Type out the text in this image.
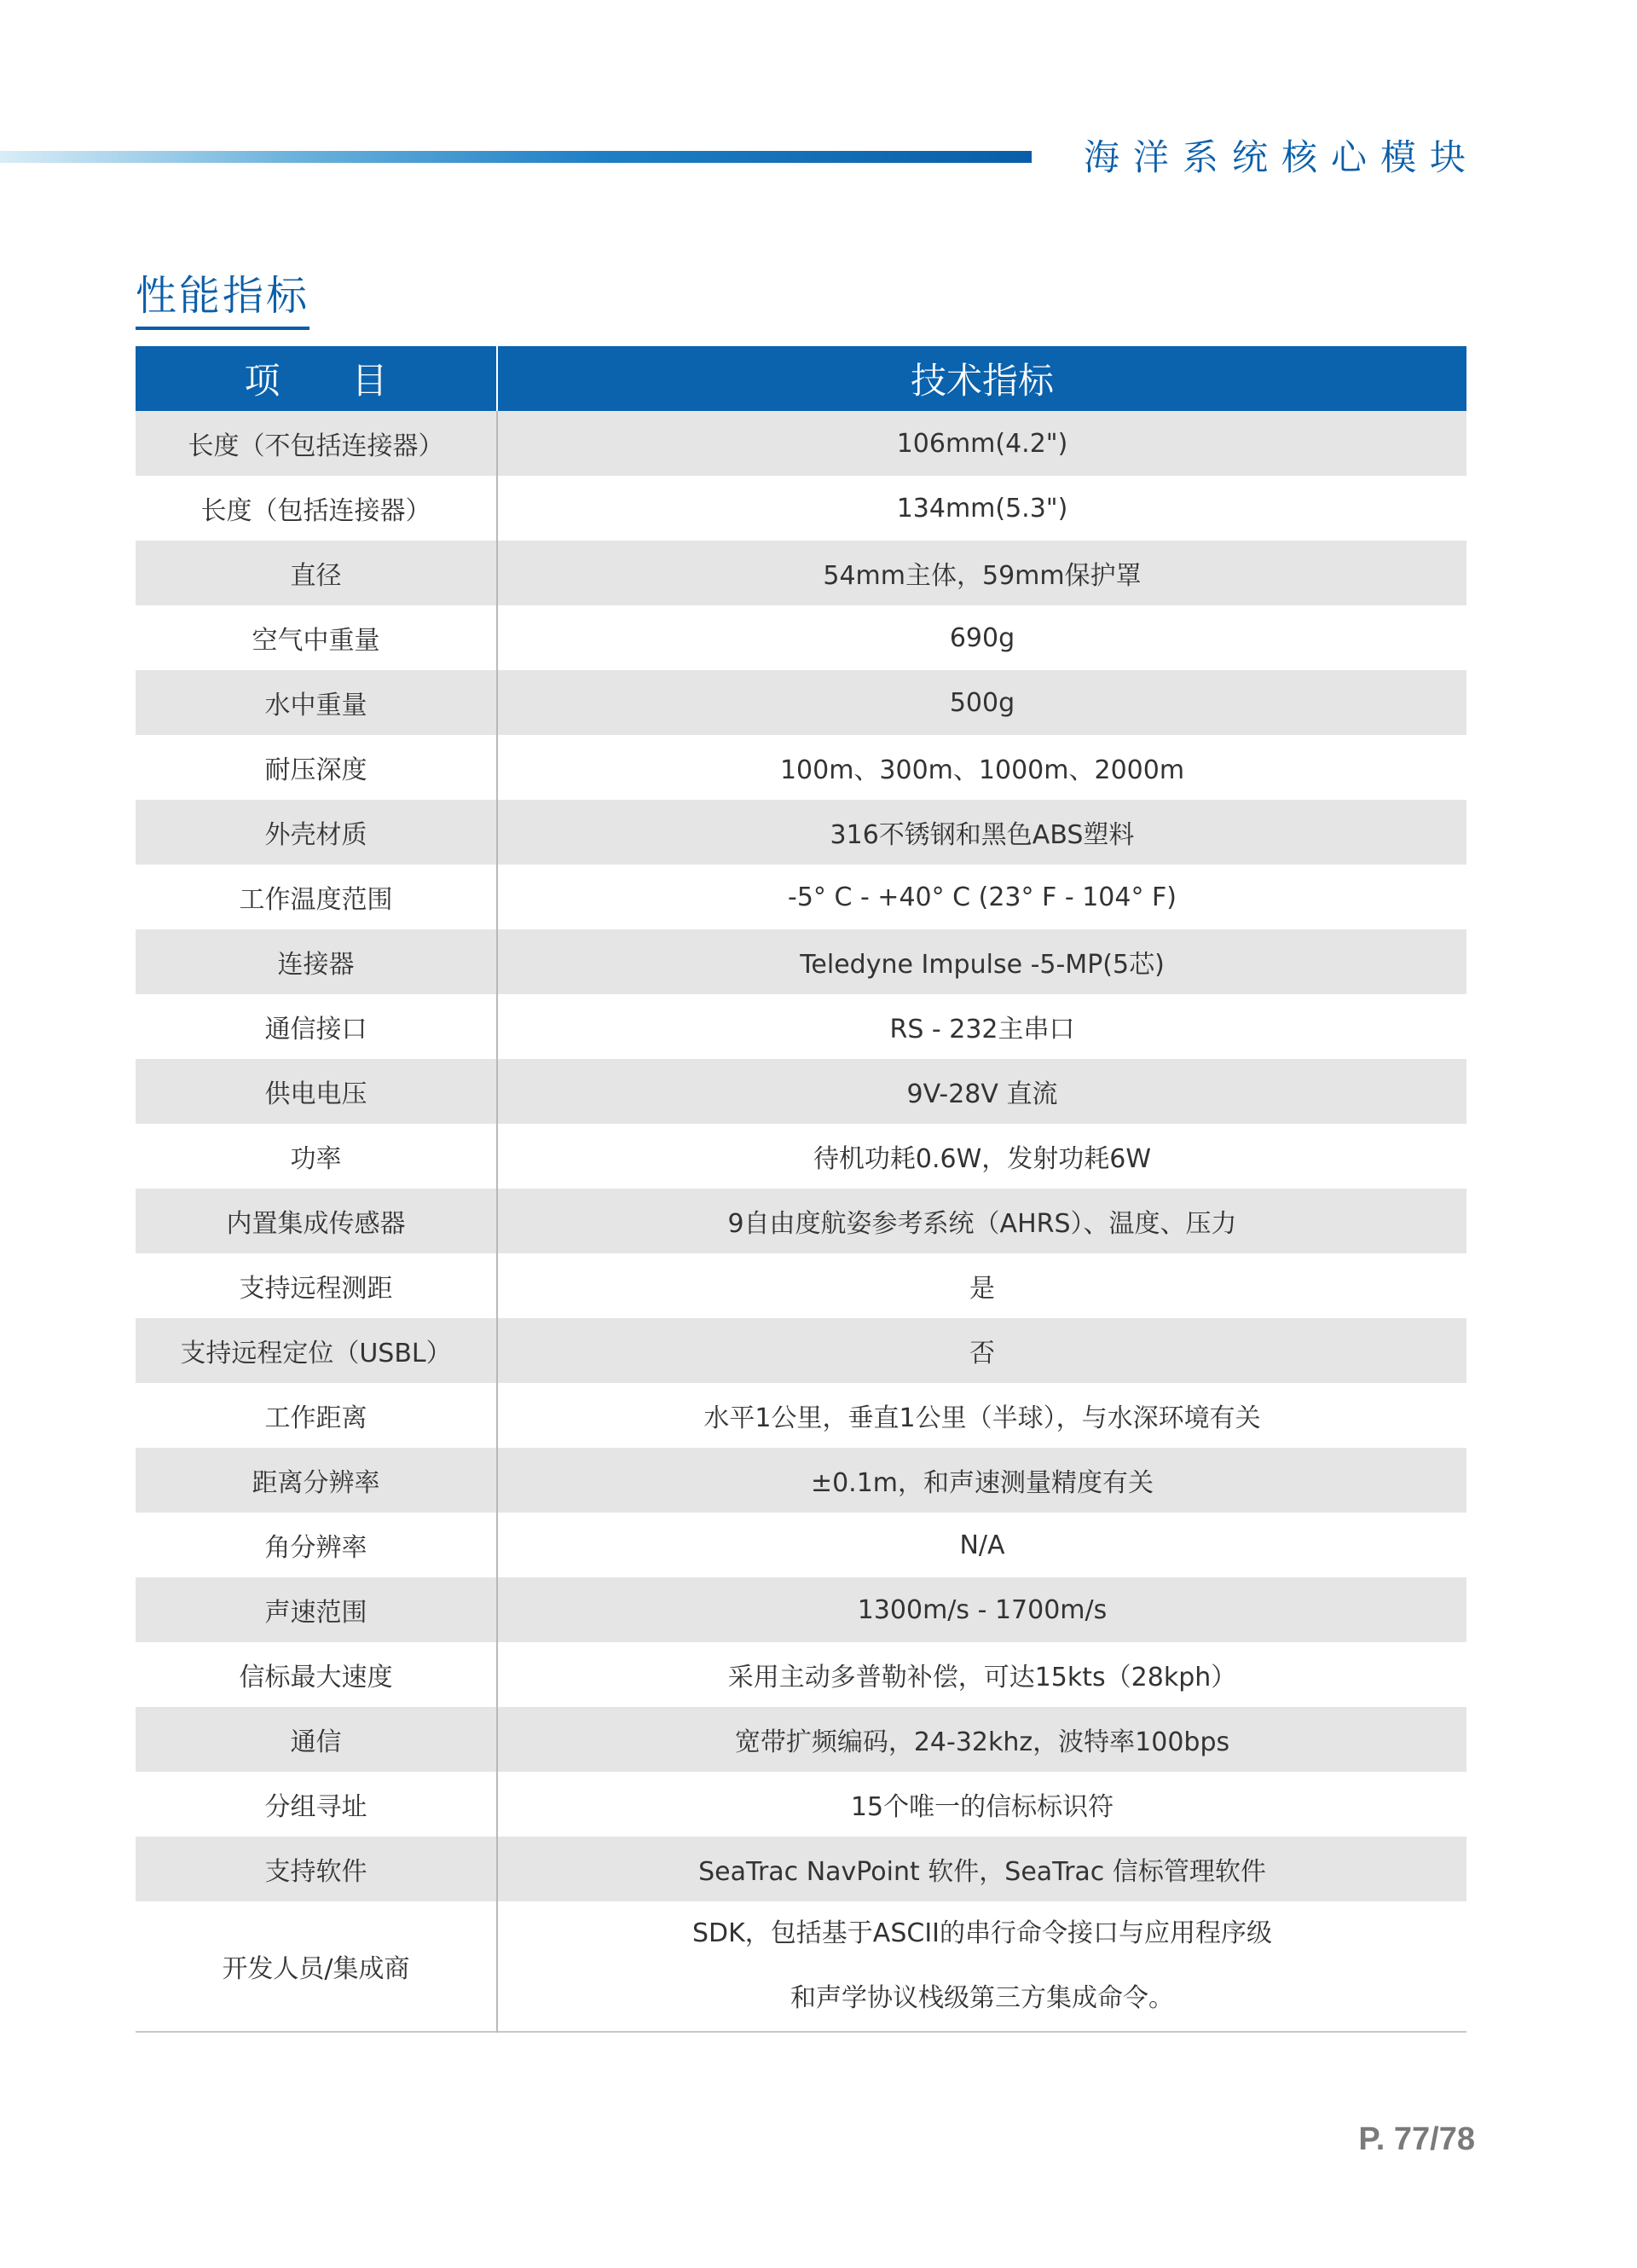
海洋系统核心模块
性能指标
项　　目	技术指标
长度（不包括连接器）	106mm(4.2")
长度（包括连接器）	134mm(5.3")
直径	54mm主体，59mm保护罩
空气中重量	690g
水中重量	500g
耐压深度	100m、300m、1000m、2000m
外壳材质	316不锈钢和黑色ABS塑料
工作温度范围	-5° C - +40° C (23° F - 104° F)
连接器	Teledyne Impulse -5-MP(5芯)
通信接口	RS - 232主串口
供电电压	9V-28V 直流
功率	待机功耗0.6W，发射功耗6W
内置集成传感器	9自由度航姿参考系统（AHRS）、温度、压力
支持远程测距	是
支持远程定位（USBL）	否
工作距离	水平1公里，垂直1公里（半球），与水深环境有关
距离分辨率	±0.1m，和声速测量精度有关
角分辨率	N/A
声速范围	1300m/s - 1700m/s
信标最大速度	采用主动多普勒补偿，可达15kts（28kph）
通信	宽带扩频编码，24-32khz，波特率100bps
分组寻址	15个唯一的信标标识符
支持软件	SeaTrac NavPoint 软件，SeaTrac 信标管理软件
开发人员/集成商	SDK，包括基于ASCII的串行命令接口与应用程序级
和声学协议栈级第三方集成命令。
P. 77/78
